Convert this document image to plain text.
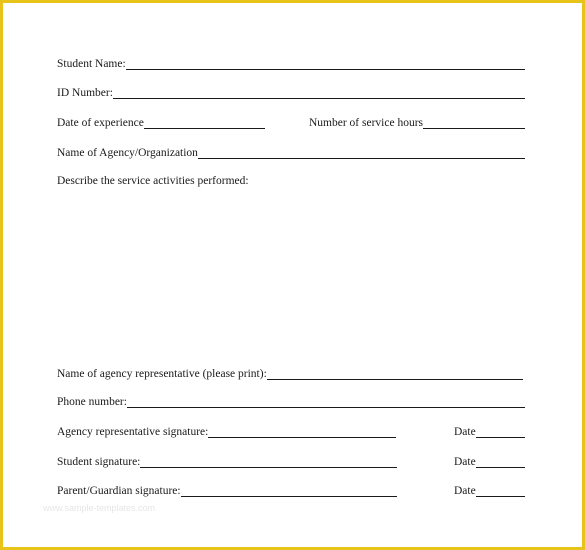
Student Name:
ID Number:
Date of experience	Number of service hours
Name of Agency/Organization
Describe the service activities performed:
Name of agency representative (please print):
Phone number:
Agency representative signature:	Date
Student signature:	Date
Parent/Guardian signature:	Date
www.sample-templates.com
